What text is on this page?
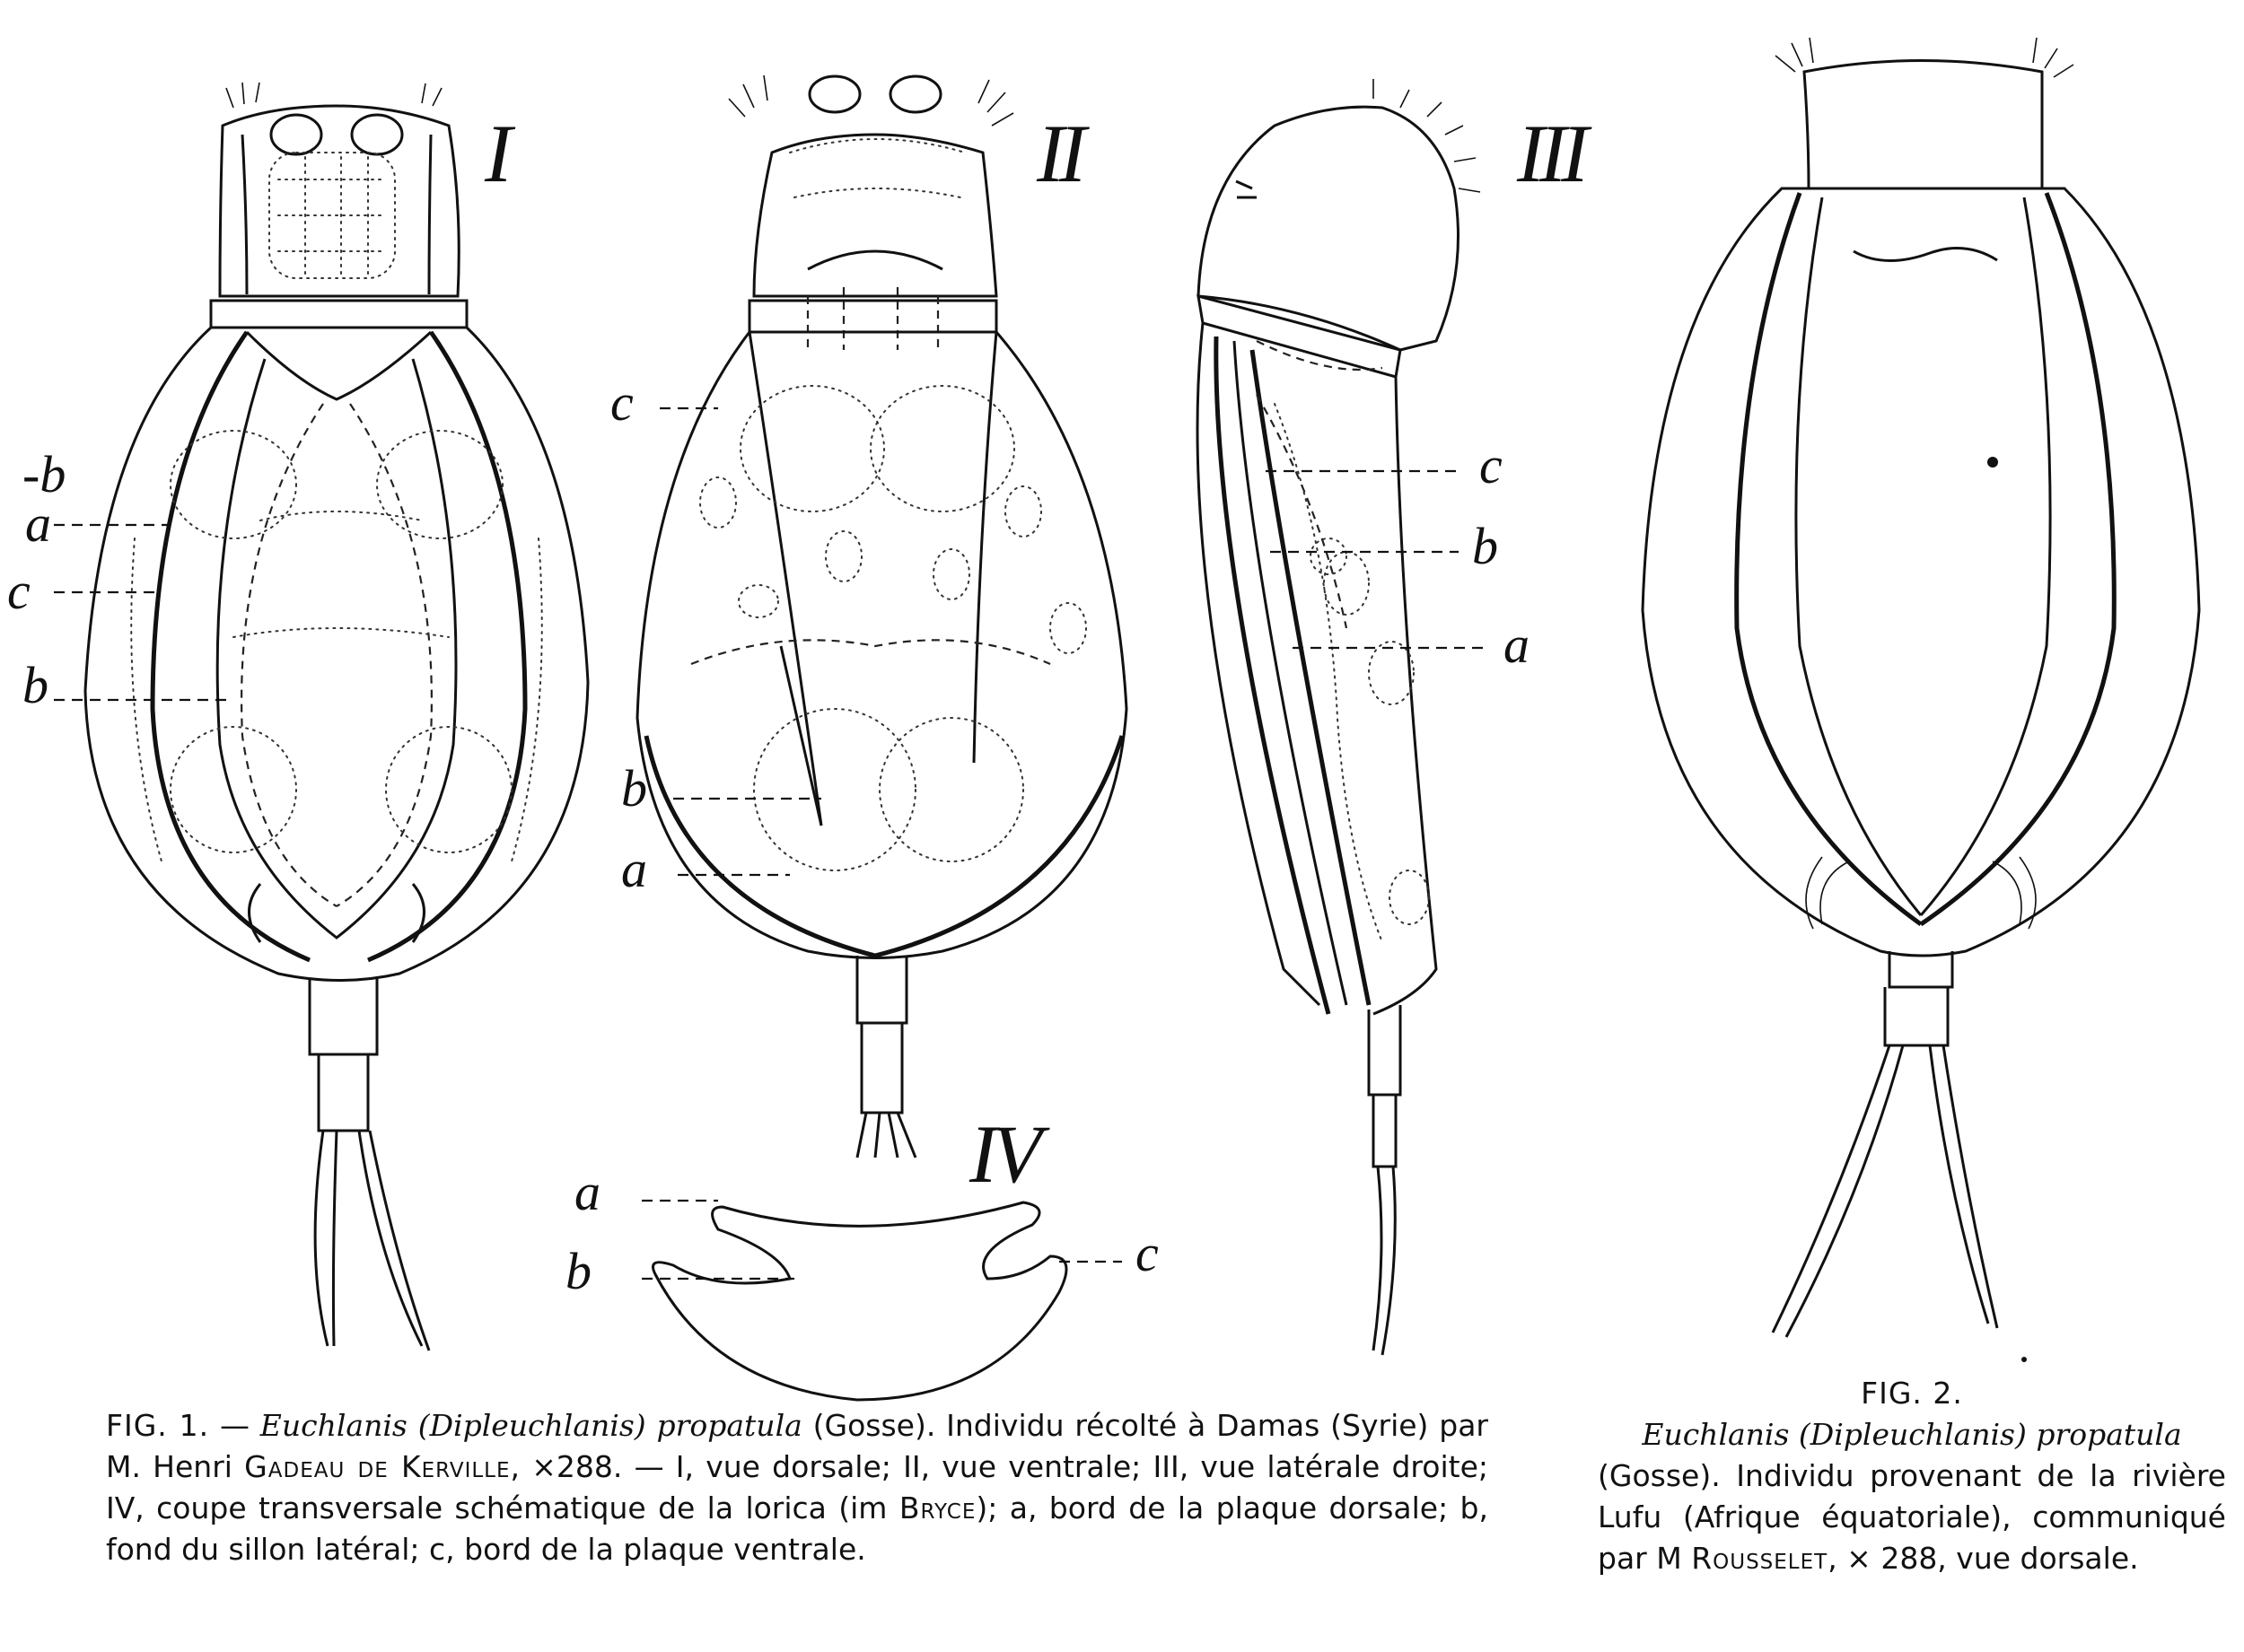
I	II	III
IV
-b
a
c
b
c
b
a
c
b
a
a
b	c
FIG. 1. — Euchlanis (Dipleuchlanis) propatula (Gosse). Individu récolté à Damas (Syrie) par M. Henri Gadeau de Kerville, ×288. — I, vue dorsale; II, vue ventrale; III, vue latérale droite; IV, coupe transversale schématique de la lorica (im Bryce); a, bord de la plaque dorsale; b, fond du sillon latéral; c, bord de la plaque ventrale.
FIG. 2.
Euchlanis (Dipleuchlanis) propatula
(Gosse). Individu provenant de la rivière Lufu (Afrique équatoriale), communiqué par M Rousselet, × 288, vue dorsale.
